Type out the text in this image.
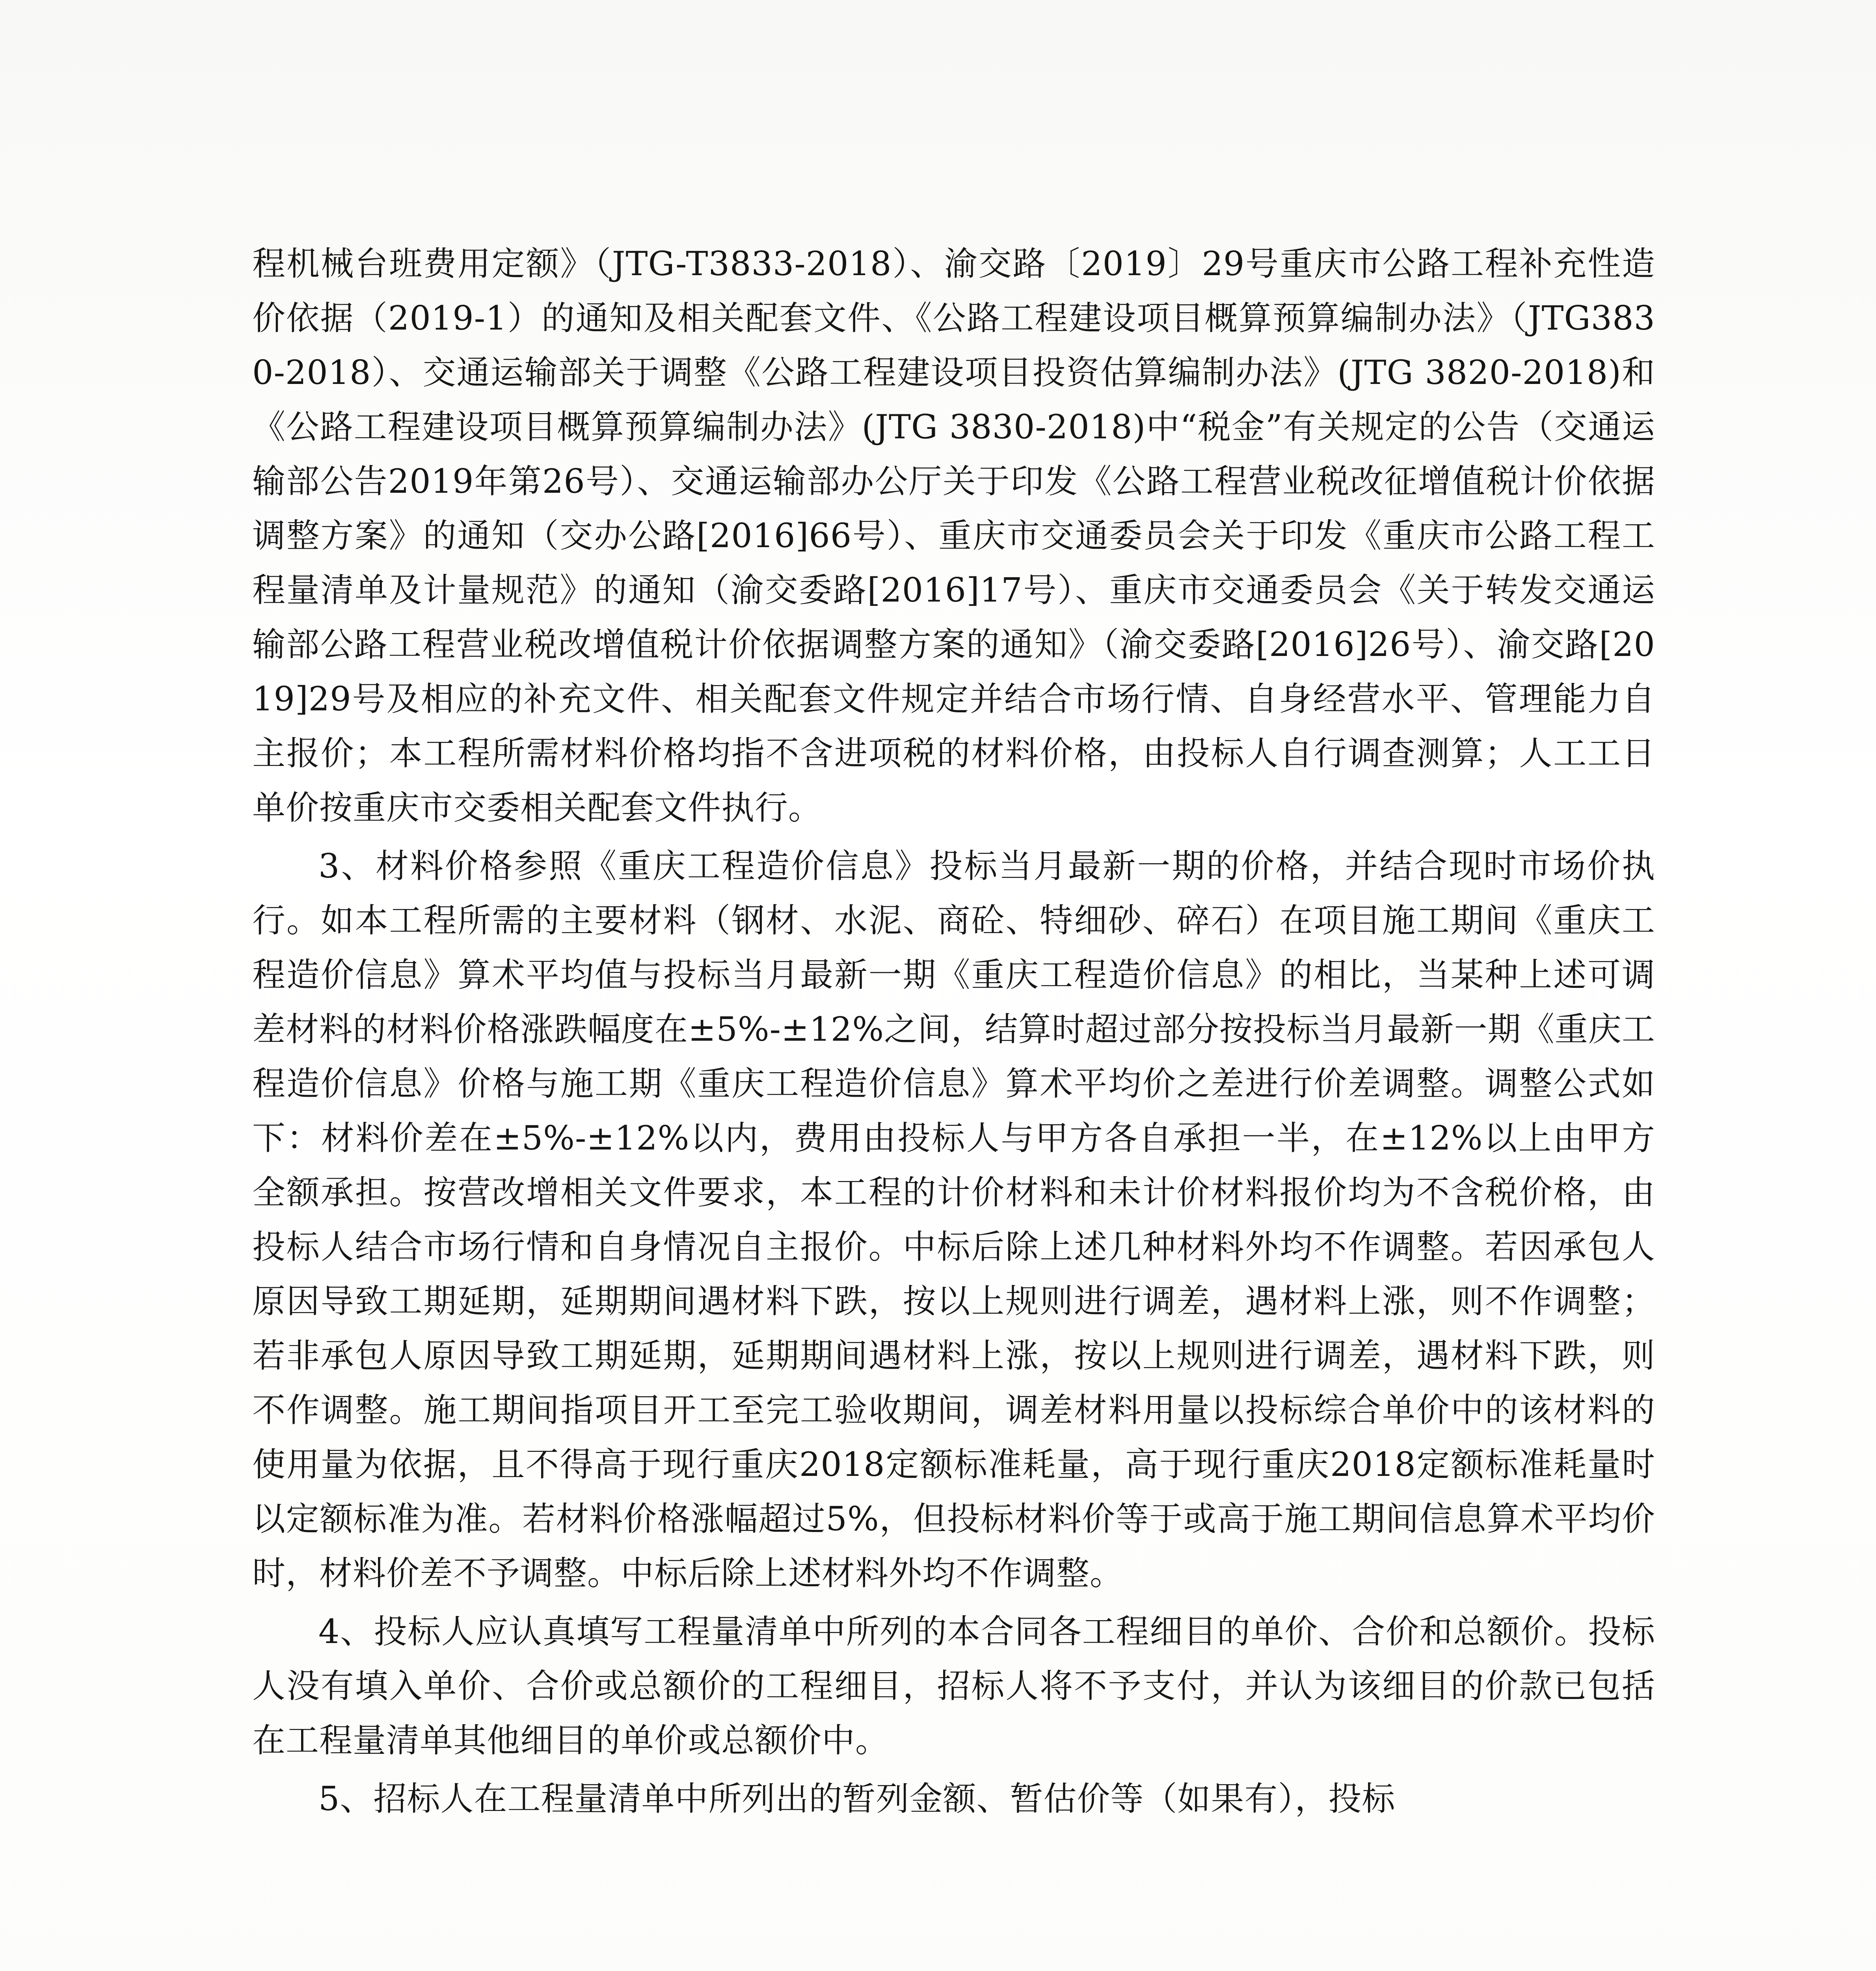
程机械台班费用定额》（JTG-T3833-2018）、渝交路〔2019〕29号重庆市公路工程补充性造价依据（2019-1）的通知及相关配套文件、《公路工程建设项目概算预算编制办法》（JTG3830-2018）、交通运输部关于调整《公路工程建设项目投资估算编制办法》(JTG 3820-2018)和《公路工程建设项目概算预算编制办法》(JTG 3830-2018)中“税金”有关规定的公告（交通运输部公告2019年第26号）、交通运输部办公厅关于印发《公路工程营业税改征增值税计价依据调整方案》的通知（交办公路[2016]66号）、重庆市交通委员会关于印发《重庆市公路工程工程量清单及计量规范》的通知（渝交委路[2016]17号）、重庆市交通委员会《关于转发交通运输部公路工程营业税改增值税计价依据调整方案的通知》（渝交委路[2016]26号）、渝交路[2019]29号及相应的补充文件、相关配套文件规定并结合市场行情、自身经营水平、管理能力自主报价；本工程所需材料价格均指不含进项税的材料价格，由投标人自行调查测算；人工工日单价按重庆市交委相关配套文件执行。

3、材料价格参照《重庆工程造价信息》投标当月最新一期的价格，并结合现时市场价执行。如本工程所需的主要材料（钢材、水泥、商砼、特细砂、碎石）在项目施工期间《重庆工程造价信息》算术平均值与投标当月最新一期《重庆工程造价信息》的相比，当某种上述可调差材料的材料价格涨跌幅度在±5%-±12%之间，结算时超过部分按投标当月最新一期《重庆工程造价信息》价格与施工期《重庆工程造价信息》算术平均价之差进行价差调整。调整公式如下：材料价差在±5%-±12%以内，费用由投标人与甲方各自承担一半，在±12%以上由甲方全额承担。按营改增相关文件要求，本工程的计价材料和未计价材料报价均为不含税价格，由投标人结合市场行情和自身情况自主报价。中标后除上述几种材料外均不作调整。若因承包人原因导致工期延期，延期期间遇材料下跌，按以上规则进行调差，遇材料上涨，则不作调整；若非承包人原因导致工期延期，延期期间遇材料上涨，按以上规则进行调差，遇材料下跌，则不作调整。施工期间指项目开工至完工验收期间，调差材料用量以投标综合单价中的该材料的使用量为依据，且不得高于现行重庆2018定额标准耗量，高于现行重庆2018定额标准耗量时以定额标准为准。若材料价格涨幅超过5%，但投标材料价等于或高于施工期间信息算术平均价时，材料价差不予调整。中标后除上述材料外均不作调整。

4、投标人应认真填写工程量清单中所列的本合同各工程细目的单价、合价和总额价。投标人没有填入单价、合价或总额价的工程细目，招标人将不予支付，并认为该细目的价款已包括在工程量清单其他细目的单价或总额价中。

5、招标人在工程量清单中所列出的暂列金额、暂估价等（如果有），投标
